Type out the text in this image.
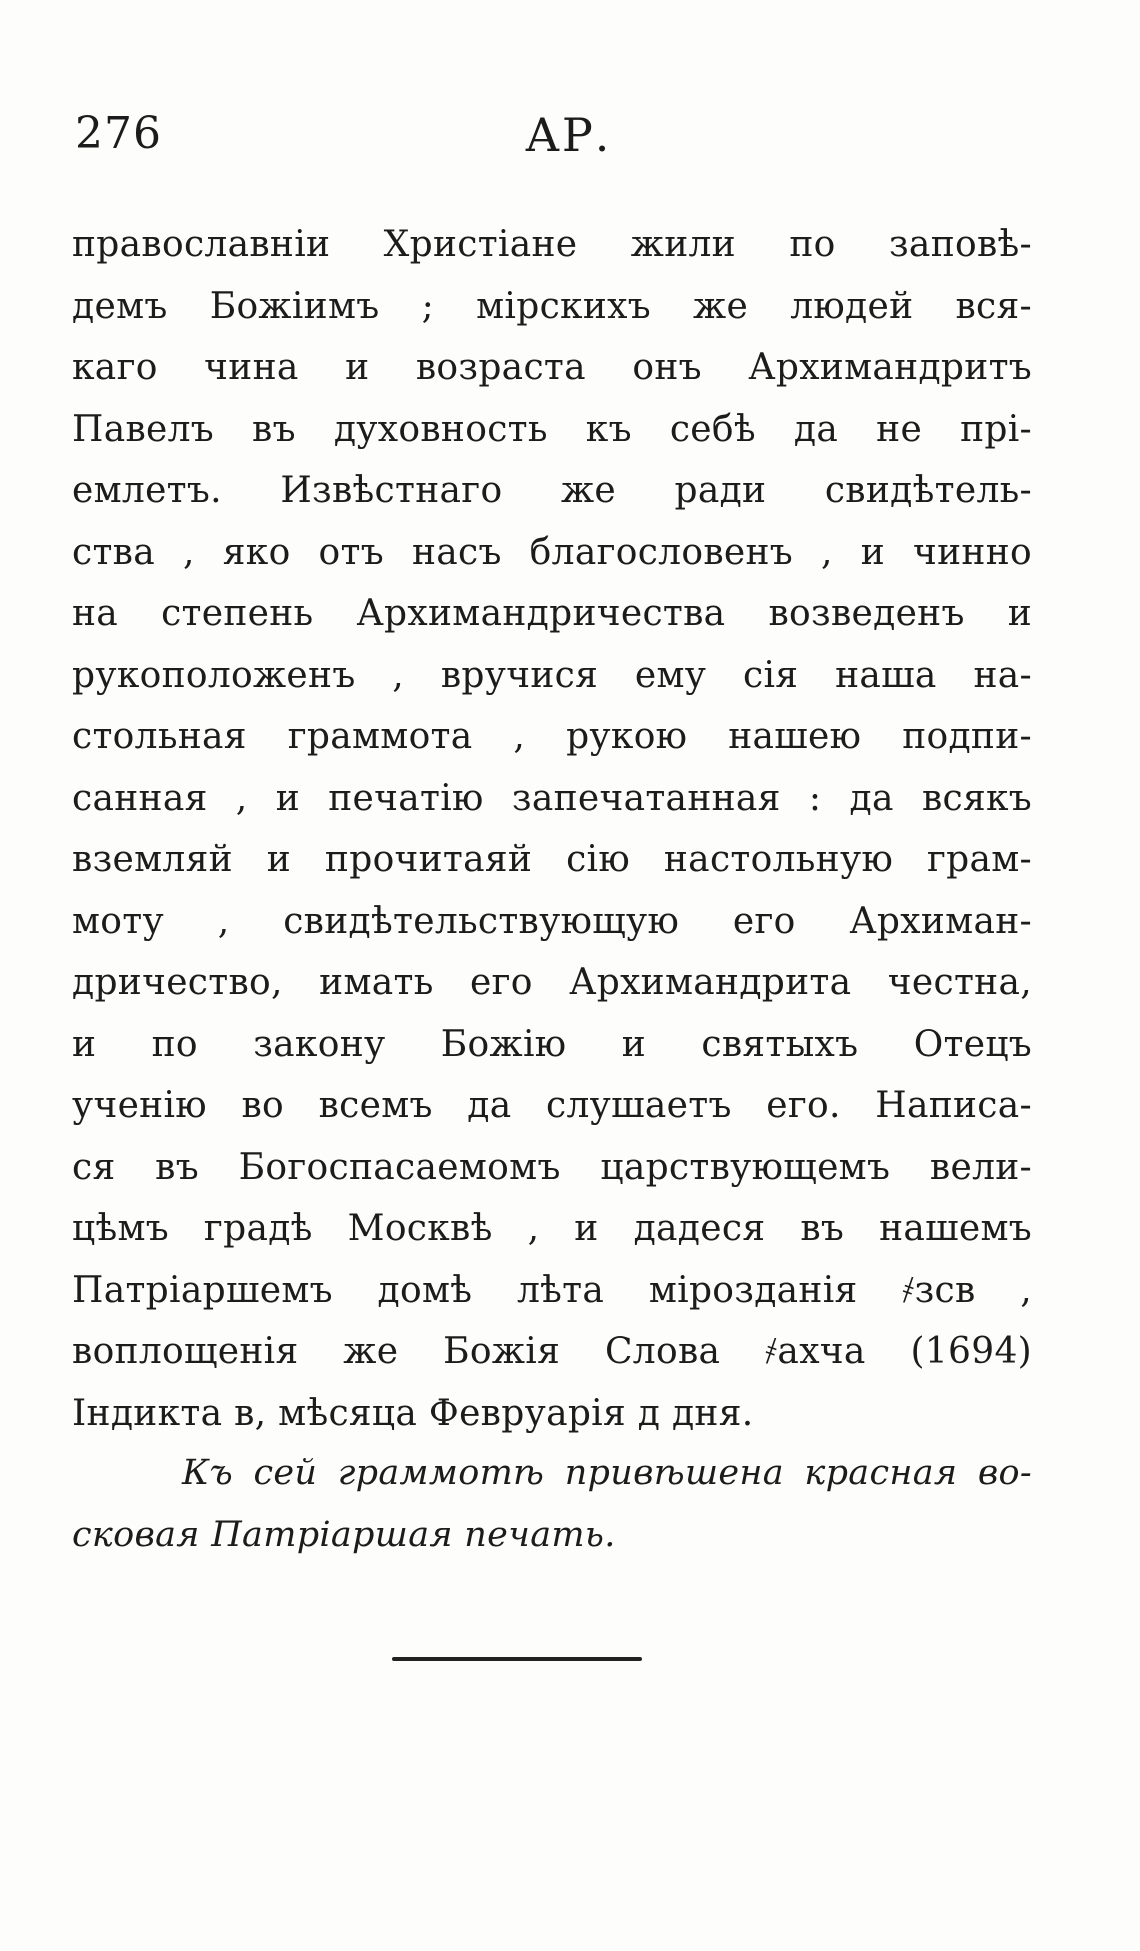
276	АР.
православніи Христіане жили по заповѣ-
демъ Божіимъ ; мірскихъ же людей вся-
каго чина и возраста онъ Архимандритъ
Павелъ въ духовность къ себѣ да не прі-
емлетъ. Извѣстнаго же ради свидѣтель-
ства , яко отъ насъ благословенъ , и чинно
на степень Архимандричества возведенъ и
рукоположенъ , вручися ему сія наша на-
стольная граммота , рукою нашею подпи-
санная , и печатію запечатанная : да всякъ
вземляй и прочитаяй сію настольную грам-
моту , свидѣтельствующую его Архиман-
дричество, имать его Архимандрита честна,
и по закону Божію и святыхъ Отецъ
ученію во всемъ да слушаетъ его. Написа-
ся въ Богоспасаемомъ царствующемъ вели-
цѣмъ градѣ Москвѣ , и дадеся въ нашемъ
Патріаршемъ домѣ лѣта мірозданія ҂зсв ,
воплощенія же Божія Слова ҂ахча (1694)
Індикта в, мѣсяца Февруарія д дня.
Къ сей граммотѣ привѣшена красная во-
сковая Патріаршая печать.
